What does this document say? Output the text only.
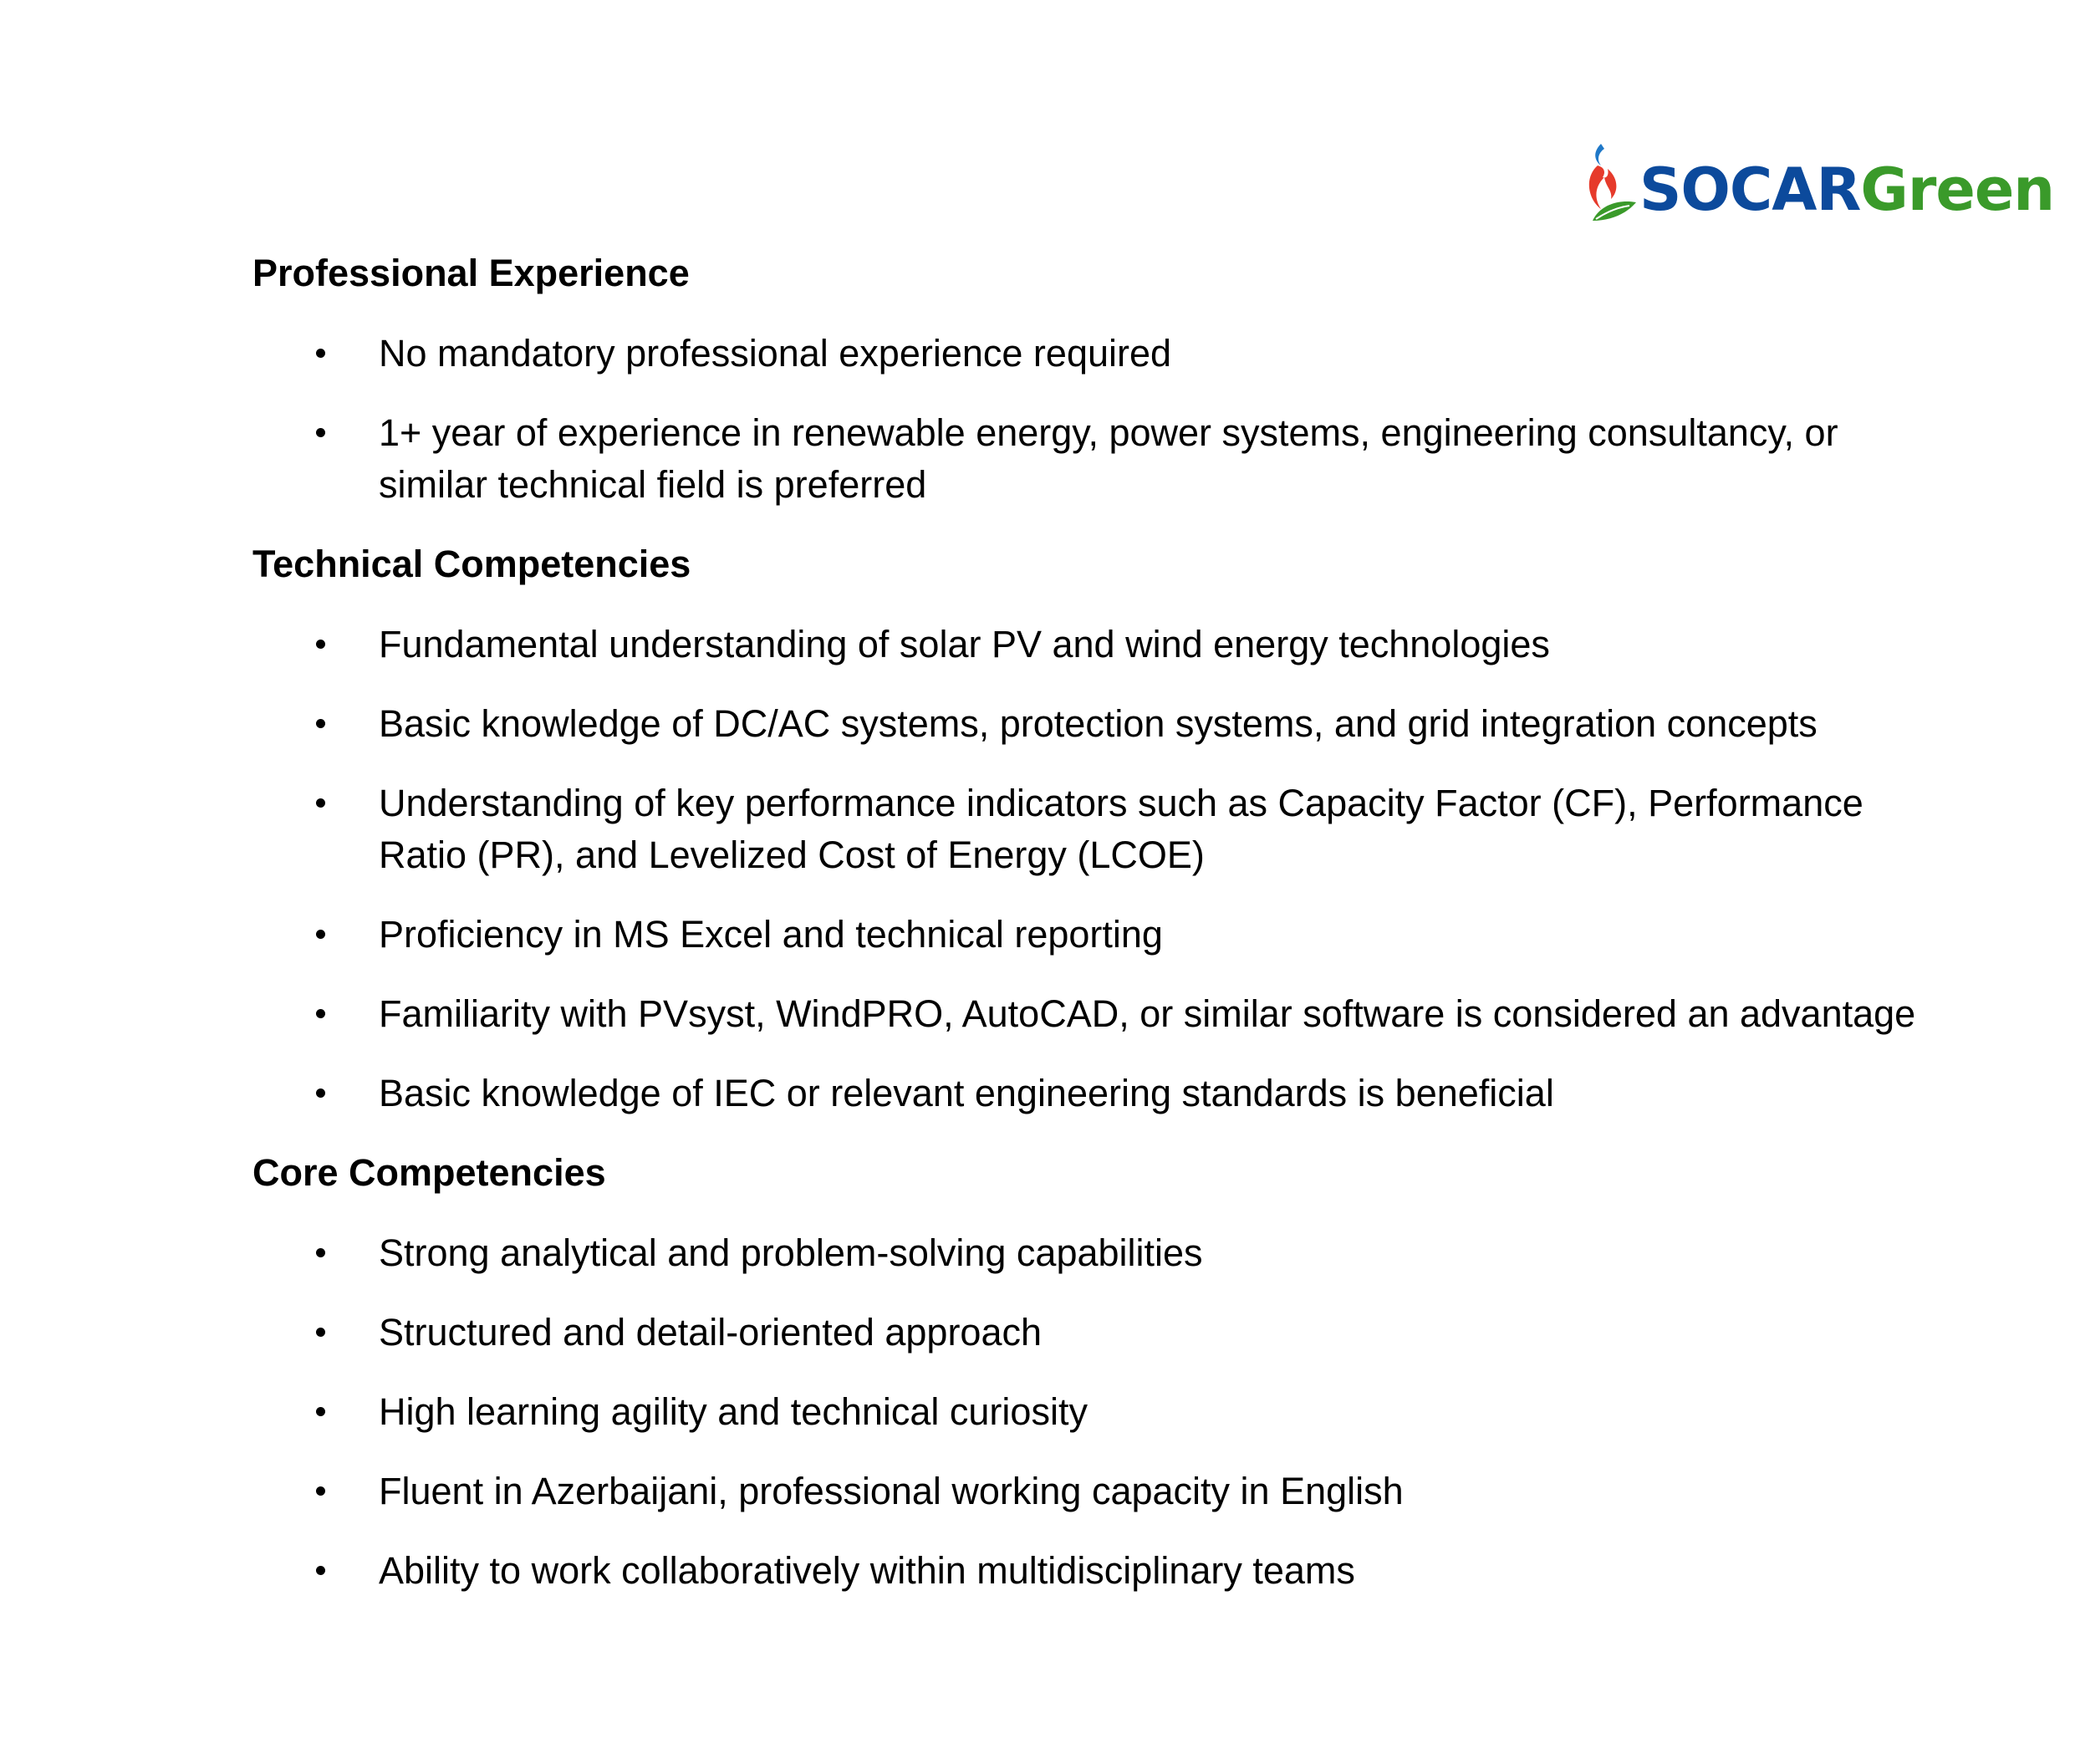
SOCARGreen
Professional Experience
No mandatory professional experience required
1+ year of experience in renewable energy, power systems, engineering consultancy, or similar technical field is preferred
Technical Competencies
Fundamental understanding of solar PV and wind energy technologies
Basic knowledge of DC/AC systems, protection systems, and grid integration concepts
Understanding of key performance indicators such as Capacity Factor (CF), Performance Ratio (PR), and Levelized Cost of Energy (LCOE)
Proficiency in MS Excel and technical reporting
Familiarity with PVsyst, WindPRO, AutoCAD, or similar software is considered an advantage
Basic knowledge of IEC or relevant engineering standards is beneficial
Core Competencies
Strong analytical and problem-solving capabilities
Structured and detail-oriented approach
High learning agility and technical curiosity
Fluent in Azerbaijani, professional working capacity in English
Ability to work collaboratively within multidisciplinary teams
